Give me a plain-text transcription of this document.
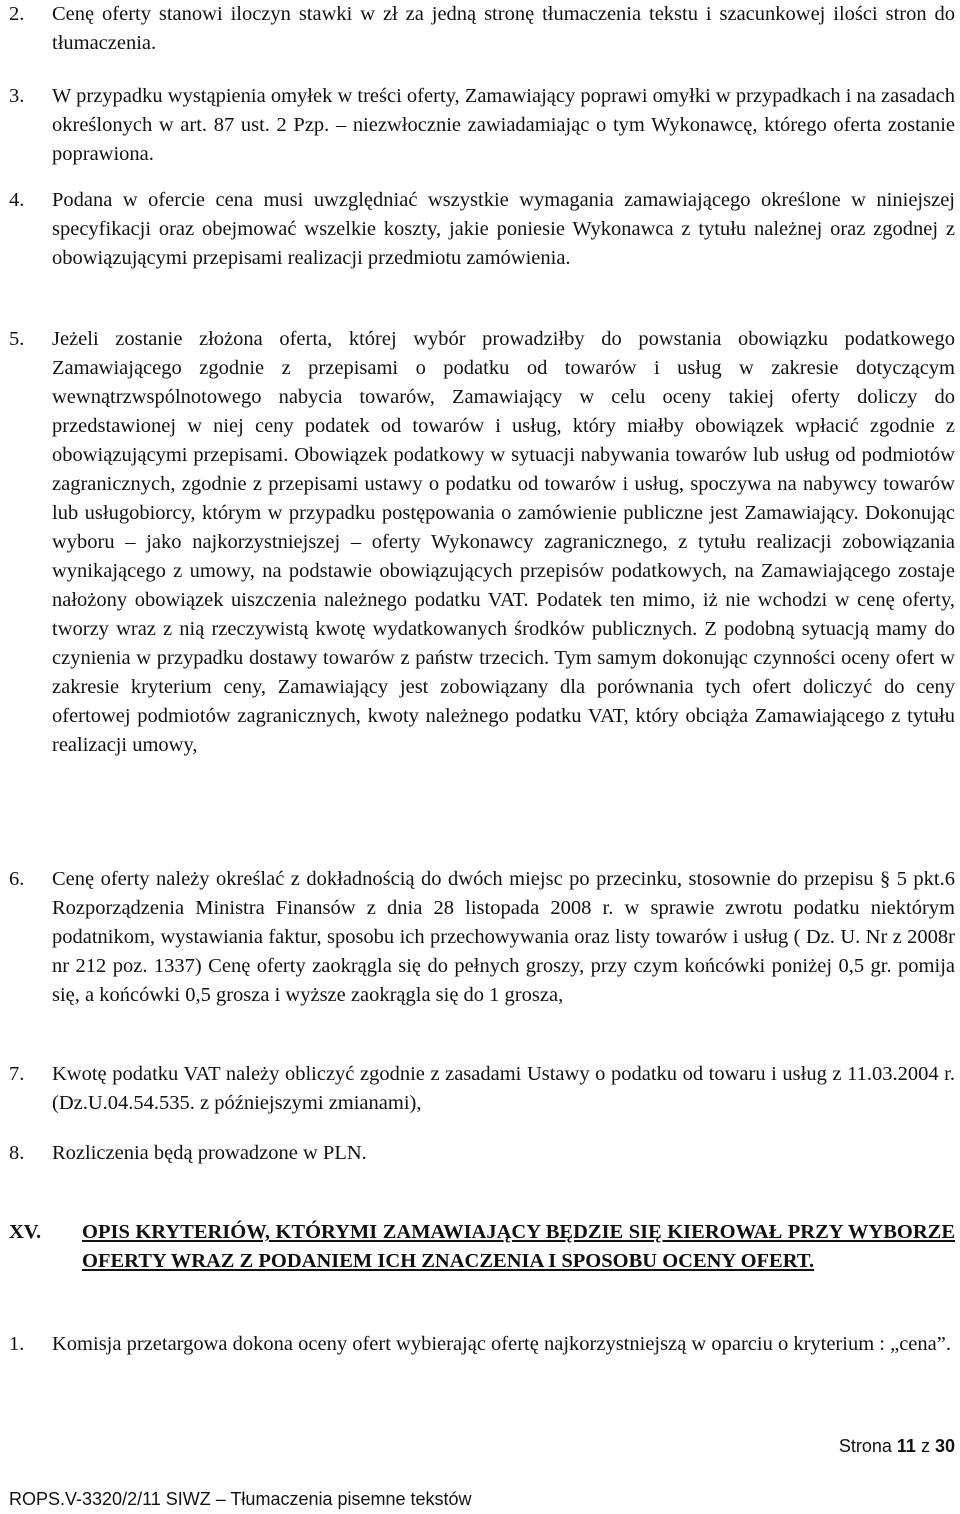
2. Cenę oferty stanowi iloczyn stawki w zł za jedną stronę tłumaczenia tekstu i szacunkowej ilości stron do tłumaczenia.

3. W przypadku wystąpienia omyłek w treści oferty, Zamawiający poprawi omyłki w przypadkach i na zasadach określonych w art. 87 ust. 2 Pzp. – niezwłocznie zawiadamiając o tym Wykonawcę, którego oferta zostanie poprawiona.

4. Podana w ofercie cena musi uwzględniać wszystkie wymagania zamawiającego określone w niniejszej specyfikacji oraz obejmować wszelkie koszty, jakie poniesie Wykonawca z tytułu należnej oraz zgodnej z obowiązującymi przepisami realizacji przedmiotu zamówienia.

5. Jeżeli zostanie złożona oferta, której wybór prowadziłby do powstania obowiązku podatkowego Zamawiającego zgodnie z przepisami o podatku od towarów i usług w zakresie dotyczącym wewnątrzwspólnotowego nabycia towarów, Zamawiający w celu oceny takiej oferty doliczy do przedstawionej w niej ceny podatek od towarów i usług, który miałby obowiązek wpłacić zgodnie z obowiązującymi przepisami. Obowiązek podatkowy w sytuacji nabywania towarów lub usług od podmiotów zagranicznych, zgodnie z przepisami ustawy o podatku od towarów i usług, spoczywa na nabywcy towarów lub usługobiorcy, którym w przypadku postępowania o zamówienie publiczne jest Zamawiający. Dokonując wyboru – jako najkorzystniejszej – oferty Wykonawcy zagranicznego, z tytułu realizacji zobowiązania wynikającego z umowy, na podstawie obowiązujących przepisów podatkowych, na Zamawiającego zostaje nałożony obowiązek uiszczenia należnego podatku VAT. Podatek ten mimo, iż nie wchodzi w cenę oferty, tworzy wraz z nią rzeczywistą kwotę wydatkowanych środków publicznych. Z podobną sytuacją mamy do czynienia w przypadku dostawy towarów z państw trzecich. Tym samym dokonując czynności oceny ofert w zakresie kryterium ceny, Zamawiający jest zobowiązany dla porównania tych ofert doliczyć do ceny ofertowej podmiotów zagranicznych, kwoty należnego podatku VAT, który obciąża Zamawiającego z tytułu realizacji umowy,

6. Cenę oferty należy określać z dokładnością do dwóch miejsc po przecinku, stosownie do przepisu § 5 pkt.6 Rozporządzenia Ministra Finansów z dnia 28 listopada 2008 r. w sprawie zwrotu podatku niektórym podatnikom, wystawiania faktur, sposobu ich przechowywania oraz listy towarów i usług ( Dz. U. Nr z 2008r nr 212 poz. 1337) Cenę oferty zaokrągla się do pełnych groszy, przy czym końcówki poniżej 0,5 gr. pomija się, a końcówki 0,5 grosza i wyższe zaokrągla się do 1 grosza,

7. Kwotę podatku VAT należy obliczyć zgodnie z zasadami Ustawy o podatku od towaru i usług z 11.03.2004 r. (Dz.U.04.54.535. z późniejszymi zmianami),

8. Rozliczenia będą prowadzone w PLN.

XV. OPIS KRYTERIÓW, KTÓRYMI ZAMAWIAJĄCY BĘDZIE SIĘ KIEROWAŁ PRZY WYBORZE OFERTY WRAZ Z PODANIEM ICH ZNACZENIA I SPOSOBU OCENY OFERT.

1. Komisja przetargowa dokona oceny ofert wybierając ofertę najkorzystniejszą w oparciu o kryterium : „cena”.

Strona 11 z 30
ROPS.V-3320/2/11 SIWZ – Tłumaczenia pisemne tekstów
